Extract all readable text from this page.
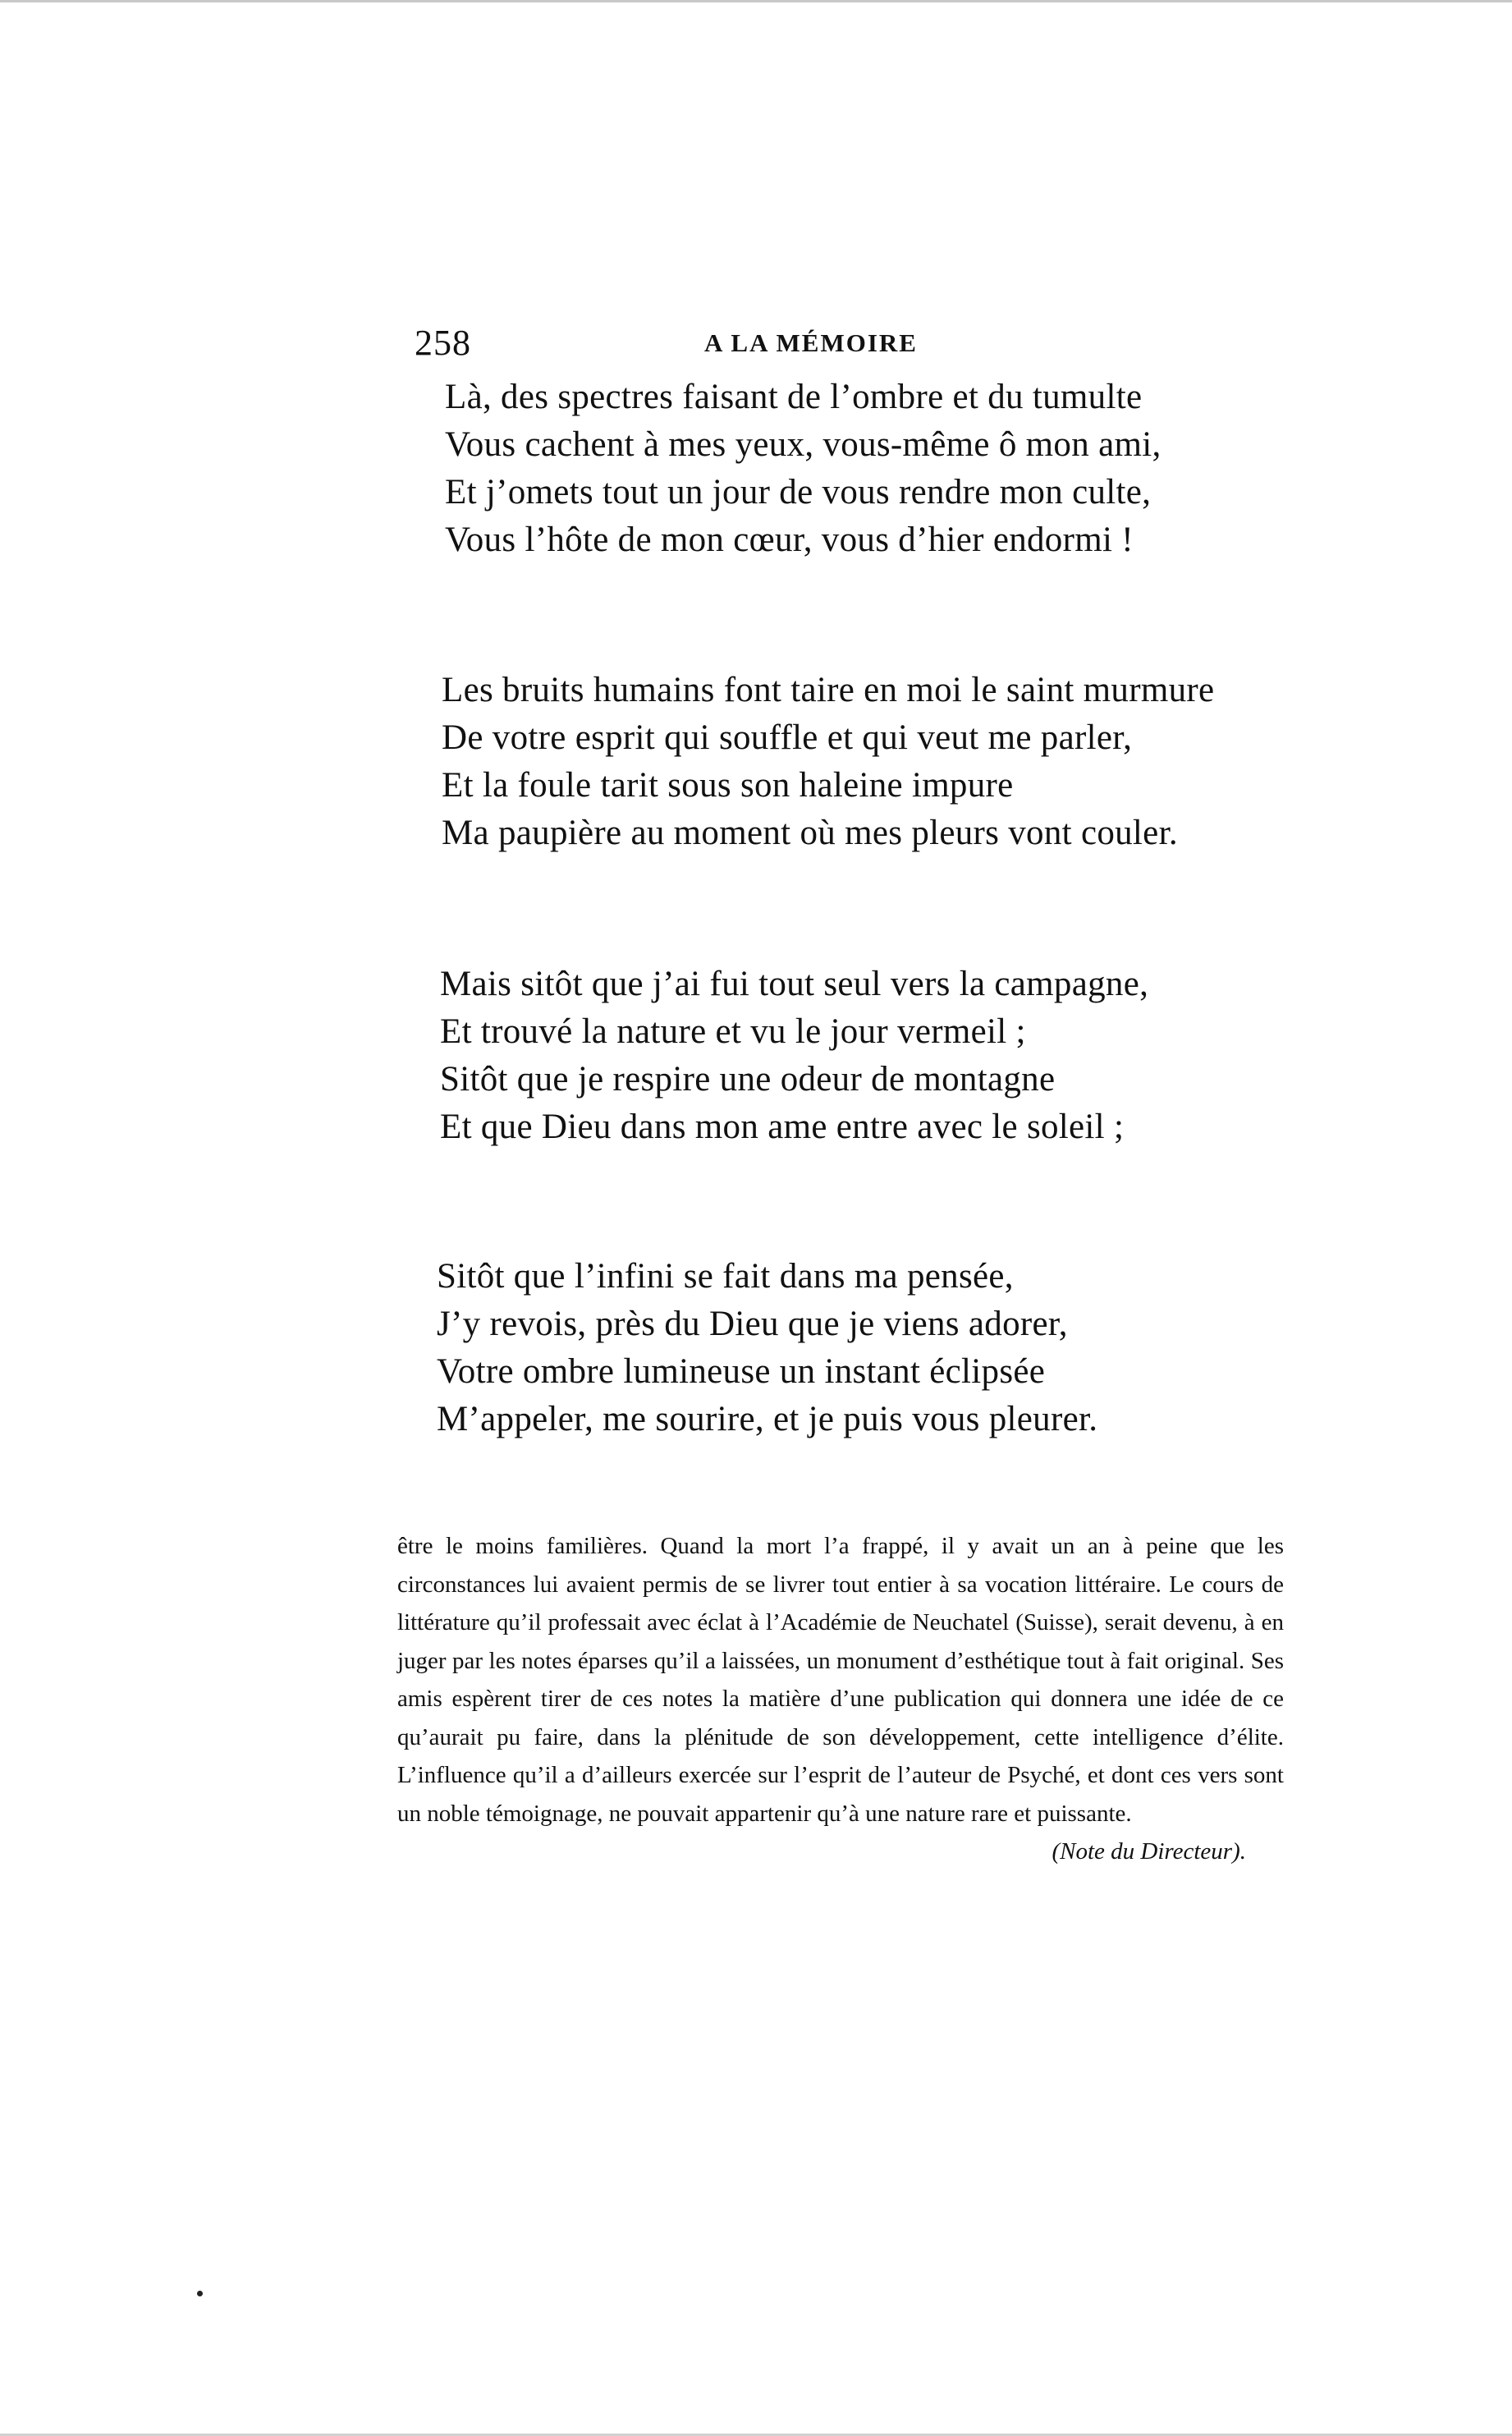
258	A LA MÉMOIRE
Là, des spectres faisant de l’ombre et du tumulte
Vous cachent à mes yeux, vous-même ô mon ami,
Et j’omets tout un jour de vous rendre mon culte,
Vous l’hôte de mon cœur, vous d’hier endormi !
Les bruits humains font taire en moi le saint murmure
De votre esprit qui souffle et qui veut me parler,
Et la foule tarit sous son haleine impure
Ma paupière au moment où mes pleurs vont couler.
Mais sitôt que j’ai fui tout seul vers la campagne,
Et trouvé la nature et vu le jour vermeil ;
Sitôt que je respire une odeur de montagne
Et que Dieu dans mon ame entre avec le soleil ;
Sitôt que l’infini se fait dans ma pensée,
J’y revois, près du Dieu que je viens adorer,
Votre ombre lumineuse un instant éclipsée
M’appeler, me sourire, et je puis vous pleurer.
être le moins familières. Quand la mort l’a frappé, il y avait un an à peine que les circonstances lui avaient permis de se livrer tout entier à sa vocation littéraire. Le cours de littérature qu’il professait avec éclat à l’Académie de Neuchatel (Suisse), serait devenu, à en juger par les notes éparses qu’il a laissées, un monument d’esthétique tout à fait original. Ses amis espèrent tirer de ces notes la matière d’une publication qui donnera une idée de ce qu’aurait pu faire, dans la plénitude de son développement, cette intelligence d’élite. L’influence qu’il a d’ailleurs exercée sur l’esprit de l’auteur de Psyché, et dont ces vers sont un noble témoignage, ne pouvait appartenir qu’à une nature rare et puissante.
(Note du Directeur).
